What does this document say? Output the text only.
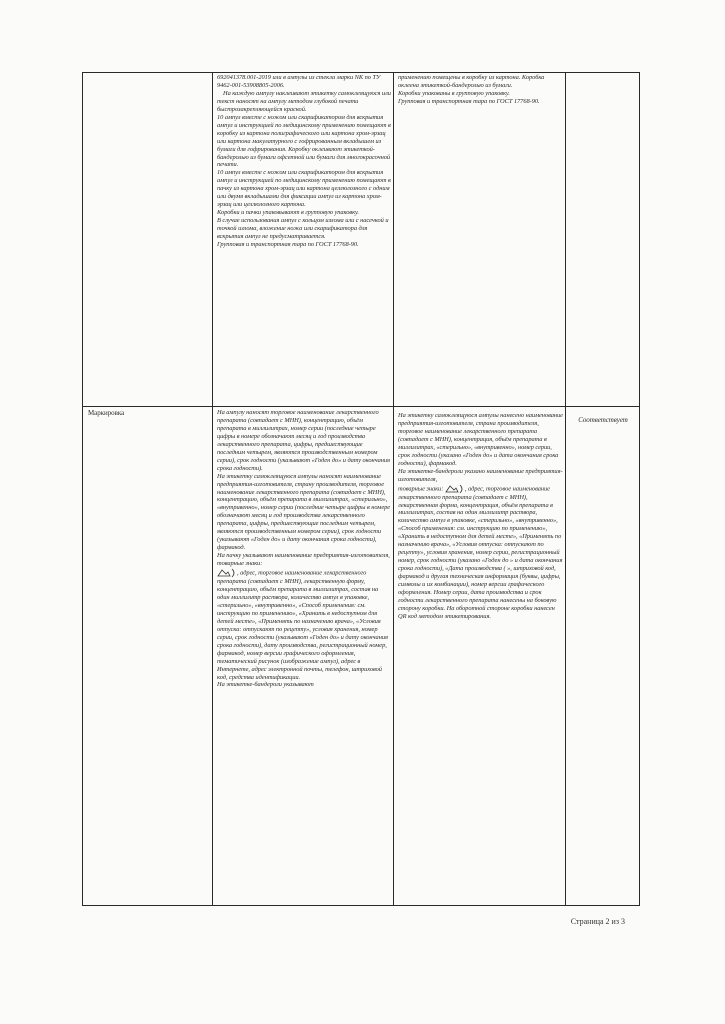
692041378.001-2019 или в ампулы из стекла марки NK по ТУ 9462-001-53908805-2006.

На каждую ампулу наклеивают этикетку самоклеящуюся или текст наносят на ампулу методом глубокой печати быстрозакрепляющейся краской.

10 ампул вместе с ножом или скарификатором для вскрытия ампул и инструкцией по медицинскому применению помещают в коробку из картона полиграфического или картона хром-эрзац или картона макулатурного с гофрированным вкладышем из бумаги для гофрирования. Коробку оклеивают этикеткой-бандеролью из бумаги офсетной или бумаги для многокрасочной печати.

10 ампул вместе с ножом или скарификатором для вскрытия ампул и инструкцией по медицинскому применению помещают в пачку из картона хром-эрзац или картона целлюлозного с одним или двумя вкладышами для фиксации ампул из картона хром-эрзац или целлюлозного картона.

Коробки и пачки упаковывают в групповую упаковку.

В случае использования ампул с кольцом излома или с насечкой и точкой излома, вложение ножа или скарификатора для вскрытия ампул не предусматривается.

Групповая и транспортная тара по ГОСТ 17768-90.

применению помещены в коробку из картона. Коробка оклеена этикеткой-бандеролью из бумаги.

Коробки упакованы в групповую упаковку.

Групповая и транспортная тара по ГОСТ 17768-90.

Маркировка	На ампулу наносят торговое наименование лекарственного препарата (совпадает с МНН), концентрацию, объём препарата в миллилитрах, номер серии (последние четыре цифры в номере обозначают месяц и год производства лекарственного препарата, цифры, предшествующие последним четырем, являются производственным номером серии), срок годности (указывают «Годен до» и дату окончания срока годности).

На этикетку самоклеящуюся ампулы наносят наименование предприятия-изготовителя, страну производителя, торговое наименование лекарственного препарата (совпадает с МНН), концентрацию, объём препарата в миллилитрах, «стерильно», «внутривенно», номер серии (последние четыре цифры в номере обозначают месяц и год производства лекарственного препарата, цифры, предшествующие последним четырем, являются производственным номером серии), срок годности (указывают «Годен до» и дату окончания срока годности), фармакод.

На пачку указывают наименование предприятия-изготовителя, товарные знаки:

, адрес, торговое наименование лекарственного препарата (совпадает с МНН), лекарственную форму, концентрацию, объём препарата в миллилитрах, состав на один миллилитр раствора, количество ампул в упаковке, «стерильно», «внутривенно», «Способ применения: см. инструкцию по применению», «Хранить в недоступном для детей месте», «Применять по назначению врача», «Условия отпуска: отпускают по рецепту», условия хранения, номер серии, срок годности (указывают «Годен до» и дату окончания срока годности), дату производства, регистрационный номер, фармакод, номер версии графического оформления, тематический рисунок (изображение ампул), адрес в Интернете, адрес электронной почты, телефон, штриховой код, средства идентификации.

На этикетке-бандероли указывают

На этикетку самоклеящуюся ампулы нанесено наименование предприятия-изготовителя, страна производителя, торговое наименование лекарственного препарата (совпадает с МНН), концентрация, объём препарата в миллилитрах, «стерильно», «внутривенно», номер серии, срок годности (указано «Годен до» и дата окончания срока годности), фармакод.

На этикетке-бандероли указано наименование предприятия-изготовителя,

товарные знаки:	, адрес, торговое наименование лекарственного препарата (совпадает с МНН), лекарственная форма, концентрация, объём препарата в миллилитрах, состав на один миллилитр раствора, количество ампул в упаковке, «стерильно», «внутривенно», «Способ применения: см. инструкцию по применению», «Хранить в недоступном для детей месте», «Применять по назначению врача», «Условия отпуска: отпускают по рецепту», условия хранения, номер серии, регистрационный номер, срок годности (указано «Годен до » и дата окончания срока годности), «Дата производства ( », штриховой код, фармакод и другая техническая информация (буквы, цифры, символы и их комбинации), номер версии графического оформления. Номер серии, дата производства и срок годности лекарственного препарата нанесены на боковую сторону коробки. На оборотной стороне коробки нанесен QR код методом этикетирования.

Соответствует
Страница 2 из 3
